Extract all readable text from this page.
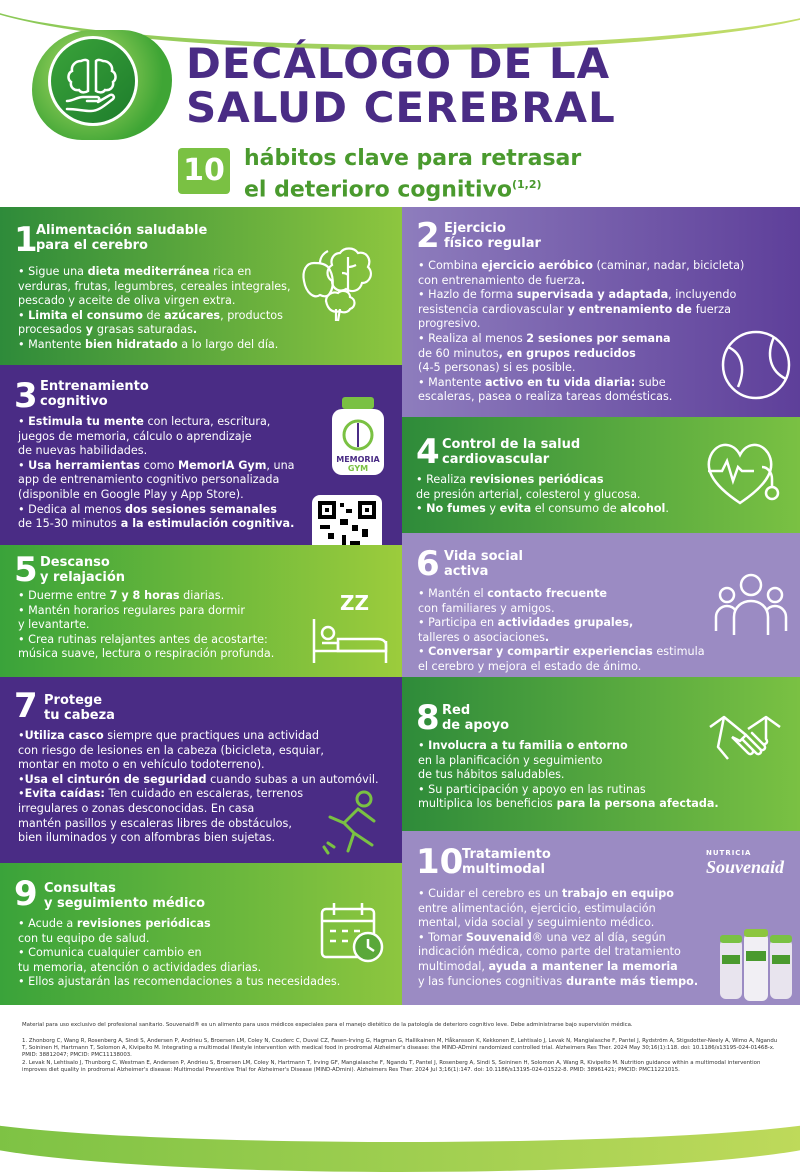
DECÁLOGO DE LA
SALUD CEREBRAL
10 hábitos clave para retrasar
el deterioro cognitivo$^{(1,2)}$
1
Alimentación saludable
para el cerebro
• Sigue una dieta mediterránea rica en
verduras, frutas, legumbres, cereales integrales,
pescado y aceite de oliva virgen extra.
• Limita el consumo de azúcares, productos
procesados y grasas saturadas.
• Mantente bien hidratado a lo largo del día.
2 Ejercicio
físico regular
• Combina ejercicio aeróbico (caminar, nadar, bicicleta)
con entrenamiento de fuerza.
• Hazlo de forma supervisada y adaptada, incluyendo
resistencia cardiovascular y entrenamiento de fuerza
progresivo.
• Realiza al menos 2 sesiones por semana
de 60 minutos, en grupos reducidos
(4-5 personas) si es posible.
• Mantente activo en tu vida diaria: sube
escaleras, pasea o realiza tareas domésticas.
3 Entrenamiento
cognitivo
• Estimula tu mente con lectura, escritura,
juegos de memoria, cálculo o aprendizaje
de nuevas habilidades.
• Usa herramientas como MemorIA Gym, una
app de entrenamiento cognitivo personalizada
(disponible en Google Play y App Store).
• Dedica al menos dos sesiones semanales
de 15-30 minutos a la estimulación cognitiva.
MEMORIA
GYM	4 Control de la salud
cardiovascular
• Realiza revisiones periódicas
de presión arterial, colesterol y glucosa.
• No fumes y evita el consumo de alcohol.
5 Descanso
y relajación
• Duerme entre 7 y 8 horas diarias.
• Mantén horarios regulares para dormir
y levantarte.
• Crea rutinas relajantes antes de acostarte:
música suave, lectura o respiración profunda.
ZZ
6 Vida social
activa
• Mantén el contacto frecuente
con familiares y amigos.
• Participa en actividades grupales,
talleres o asociaciones.
• Conversar y compartir experiencias estimula
el cerebro y mejora el estado de ánimo.
7 Protege
tu cabeza
•Utiliza casco siempre que practiques una actividad
con riesgo de lesiones en la cabeza (bicicleta, esquiar,
montar en moto o en vehículo todoterreno).
•Usa el cinturón de seguridad cuando subas a un automóvil.
•Evita caídas: Ten cuidado en escaleras, terrenos
irregulares o zonas desconocidas. En casa
mantén pasillos y escaleras libres de obstáculos,
bien iluminados y con alfombras bien sujetas.
8 Red
de apoyo
• Involucra a tu familia o entorno
en la planificación y seguimiento
de tus hábitos saludables.
• Su participación y apoyo en las rutinas
multiplica los beneficios para la persona afectada.
9 Consultas
y seguimiento médico
• Acude a revisiones periódicas
con tu equipo de salud.
• Comunica cualquier cambio en
tu memoria, atención o actividades diarias.
• Ellos ajustarán las recomendaciones a tus necesidades.
10
Tratamiento
multimodal
• Cuidar el cerebro es un trabajo en equipo
entre alimentación, ejercicio, estimulación
mental, vida social y seguimiento médico.
• Tomar Souvenaid® una vez al día, según
indicación médica, como parte del tratamiento
multimodal, ayuda a mantener la memoria
y las funciones cognitivas durante más tiempo.
NUTRICIA
Souvenaid
Material para uso exclusivo del profesional sanitario. Souvenaid® es un alimento para usos médicos especiales para el manejo dietético de la patología de deterioro cognitivo leve. Debe administrarse bajo supervisión médica.
1. Zhonborg C, Wang R, Rosenberg A, Sindi S, Andersen P, Andrieu S, Broersen LM, Coley N, Couderc C, Duval CZ, Fasen-Irving G, Hagman G, Hallikainen M, Håkansson K, Kekkonen E, Lehtisalo J, Levak N, Mangialasche F, Pantel J, Rydström A, Stigsdotter-Neely A, Wimo A, Ngandu T, Soininen H, Hartmann T, Solomon A, Kivipelto M. Integrating a multimodal lifestyle intervention with medical food in prodromal Alzheimer's disease: the MIND-ADmini randomized controlled trial. Alzheimers Res Ther. 2024 May 30;16(1):118. doi: 10.1186/s13195-024-01468-x. PMID: 38812047; PMCID: PMC11138003.
2. Levak N, Lehtisalo J, Thunborg C, Westman E, Andersen P, Andrieu S, Broersen LM, Coley N, Hartmann T, Irving GF, Mangialasche F, Ngandu T, Pantel J, Rosenberg A, Sindi S, Soininen H, Solomon A, Wang R, Kivipelto M. Nutrition guidance within a multimodal intervention improves diet quality in prodromal Alzheimer's disease: Multimodal Preventive Trial for Alzheimer's Disease (MIND-ADmini). Alzheimers Res Ther. 2024 Jul 3;16(1):147. doi: 10.1186/s13195-024-01522-8. PMID: 38961421; PMCID: PMC11221015.
